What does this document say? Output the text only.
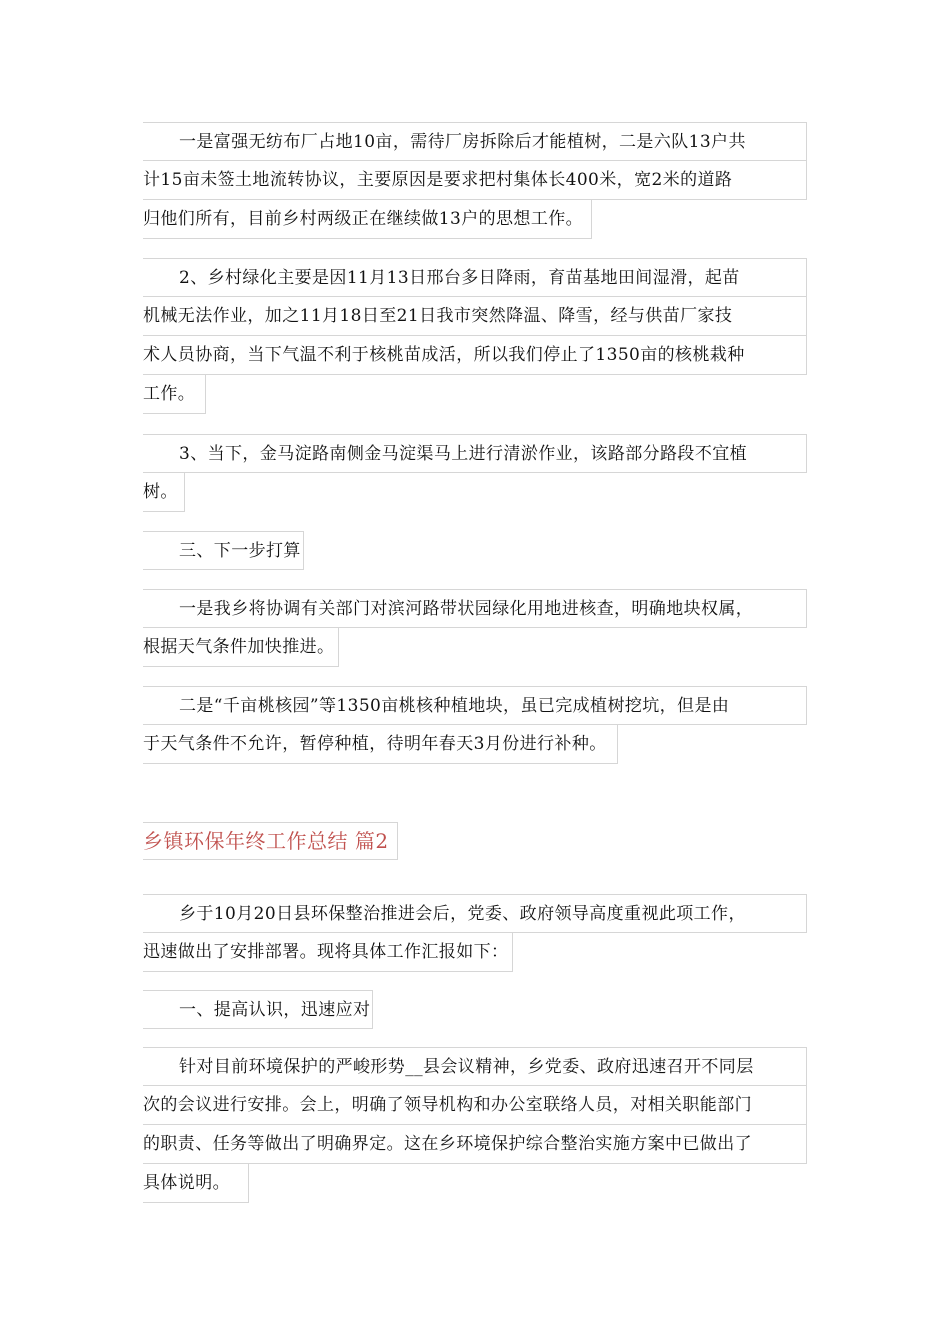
一是富强无纺布厂占地10亩，需待厂房拆除后才能植树，二是六队13户共
计15亩未签土地流转协议，主要原因是要求把村集体长400米，宽2米的道路
归他们所有，目前乡村两级正在继续做13户的思想工作。
2、乡村绿化主要是因11月13日邢台多日降雨，育苗基地田间湿滑，起苗
机械无法作业，加之11月18日至21日我市突然降温、降雪，经与供苗厂家技
术人员协商，当下气温不利于核桃苗成活，所以我们停止了1350亩的核桃栽种
工作。
3、当下，金马淀路南侧金马淀渠马上进行清淤作业，该路部分路段不宜植
树。
三、下一步打算
一是我乡将协调有关部门对滨河路带状园绿化用地进核查，明确地块权属，
根据天气条件加快推进。
二是“千亩桃核园”等1350亩桃核种植地块，虽已完成植树挖坑，但是由
于天气条件不允许，暂停种植，待明年春天3月份进行补种。
乡镇环保年终工作总结 篇2
乡于10月20日县环保整治推进会后，党委、政府领导高度重视此项工作，
迅速做出了安排部署。现将具体工作汇报如下：
一、提高认识，迅速应对
针对目前环境保护的严峻形势__县会议精神，乡党委、政府迅速召开不同层
次的会议进行安排。会上，明确了领导机构和办公室联络人员，对相关职能部门
的职责、任务等做出了明确界定。这在乡环境保护综合整治实施方案中已做出了
具体说明。
